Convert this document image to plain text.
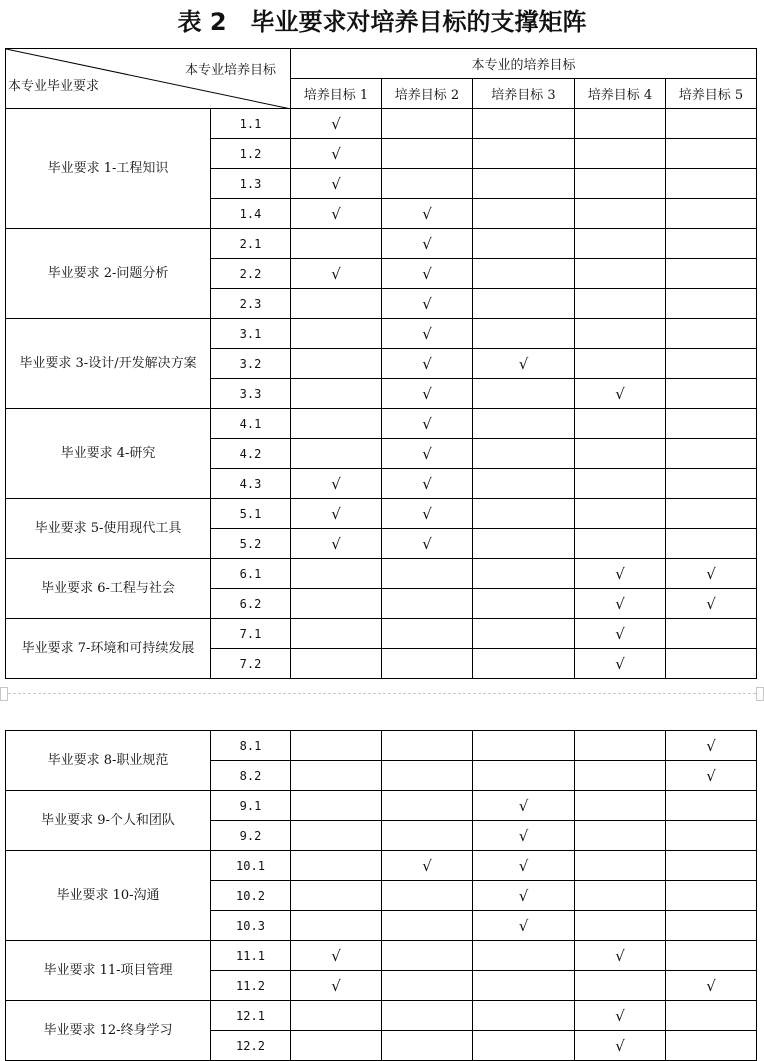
表 2　毕业要求对培养目标的支撑矩阵
本专业培养目标
本专业毕业要求		本专业的培养目标				
		培养目标 1	培养目标 2	培养目标 3	培养目标 4	培养目标 5
毕业要求 1-工程知识	1.1	√				
	1.2	√				
	1.3	√				
	1.4	√	√			
毕业要求 2-问题分析	2.1		√			
	2.2	√	√			
	2.3		√			
毕业要求 3-设计/开发解决方案	3.1		√			
	3.2		√	√		
	3.3		√		√	
毕业要求 4-研究	4.1		√			
	4.2		√			
	4.3	√	√			
毕业要求 5-使用现代工具	5.1	√	√			
	5.2	√	√			
毕业要求 6-工程与社会	6.1				√	√
	6.2				√	√
毕业要求 7-环境和可持续发展	7.1				√	
	7.2				√	
毕业要求 8-职业规范	8.1					√
	8.2					√
毕业要求 9-个人和团队	9.1			√		
	9.2			√		
毕业要求 10-沟通	10.1		√	√		
	10.2			√		
	10.3			√		
毕业要求 11-项目管理	11.1	√			√	
	11.2	√				√
毕业要求 12-终身学习	12.1				√	
	12.2				√	
